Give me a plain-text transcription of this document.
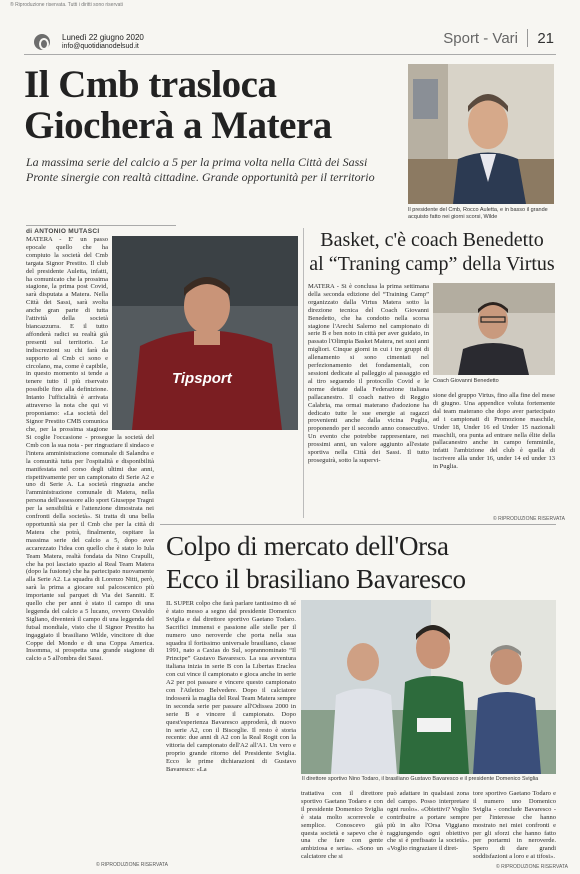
® Riproduzione riservata. Tutti i diritti sono riservati
Lunedì 22 giugno 2020
info@quotidianodelsud.it	Sport - Vari 21
Il Cmb trasloca
Giocherà a Matera
La massima serie del calcio a 5 per la prima volta nella Città dei Sassi
Pronte sinergie con realtà cittadine. Grande opportunità per il territorio
Il presidente del Cmb, Rocco Auletta, e in basso il grande acquisto fatto nei giorni scorsi, Wilde
di ANTONIO MUTASCI
Tipsport
MATERA - E' un passo epocale quello che ha compiuto la società del Cmb targata Signor Prestito. Il club del presidente Auletta, infatti, ha comunicato che la prossima stagione, la prima post Covid, sarà disputata a Matera. Nella Città dei Sassi, sarà svolta anche gran parte di tutta l'attività della società biancazzurra. E il tutto affonderà radici su realtà già presenti sul territorio. Le indiscrezioni su chi farà da supporto al Cmb ci sono e circolano, ma, come è capibile, in questo momento si tende a tenere tutto il più riservato possibile fino alla definizione. Intanto l'ufficialità è arrivata attraverso la nota che qui vi proponiamo: «La società del Signor Prestito CMB comunica che, per la prossima stagione
Si coglie l'occasione - prosegue la società del Cmb con la sua nota - per ringraziare il sindaco e l'intera amministrazione comunale di Salandra e la comunità tutta per l'ospitalità e disponibilità manifestata nel corso degli ultimi due anni, rispettivamente per un campionato di Serie A2 e uno di Serie A. La società ringrazia anche l'amministrazione comunale di Matera, nella persona dell'assessore allo sport Giuseppe Tragni per la sensibilità e l'attenzione dimostrata nei confronti della società». Si tratta di una bella opportunità sia per il Cmb che per la città di Matera che potrà, finalmente, ospitare la massima serie del calcio a 5, dopo aver accarezzato l'idea con quello che è stato lo Iula Team Matera, realtà fondata da Nino Crapulli, che ha poi lasciato spazio al Real Team Matera (dopo la fusione) che ha partecipato nuovamente alla Serie A2. La squadra di Lorenzo Nitti, però, sarà la prima a giocare sul palcoscenico più importante sul parquet di Via dei Sanniti. E quello che per anni è stato il campo di una leggenda del calcio a 5 lucano, ovvero Osvaldo Sigliano, diventerà il campo di una leggenda del futsal mondiale, visto che il Signor Prestito ha ingaggiato il brasiliano Wilde, vincitore di due Coppe del Mondo e di una Coppa America. Insomma, si prospetta una grande stagione di calcio a 5 all'ombra dei Sassi.
© RIPRODUZIONE RISERVATA
Basket, c'è coach Benedetto
al “Traning camp” della Virtus
MATERA - Si è conclusa la prima settimana della seconda edizione del “Training Camp” organizzato dalla Virtus Matera sotto la direzione tecnica del Coach Giovanni Benedetto, che ha condotto nella scorsa stagione l'Arechi Salerno nel campionato di serie B e ben noto in città per aver guidato, in passato l'Olimpia Basket Matera, nei suoi anni migliori. Cinque giorni in cui i tre gruppi di allenamento si sono cimentati nel perfezionamento dei fondamentali, con sessioni dedicate al palleggio al passaggio ed al tiro seguendo il protocollo Covid e le norme dettate dalla Federazione italiana pallacanestro. Il coach nativo di Reggio Calabria, ma ormai materano d'adozione ha dedicato tutte le sue energie ai ragazzi provenienti anche dalla vicina Puglia, proponendo per il secondo anno consecutivo. Un evento che potrebbe rappresentare, nei prossimi anni, un valore aggiunto all'estate sportiva nella Città dei Sassi. Il tutto proseguirà, sotto la supervi-
Coach Giovanni Benedetto
sione del gruppo Virtus, fino alla fine del mese di giugno. Una appendice voluta fortemente dal team materano che dopo aver partecipato ad i campionati di Promozione maschile, Under 18, Under 16 ed Under 15 nazionali maschili, ora punta ad entrare nella élite della pallacanestro anche in campo femminile, infatti l'ambizione del club è quella di iscrivere alla under 16, under 14 ed under 13 in Puglia.
© RIPRODUZIONE RISERVATA
Colpo di mercato dell'Orsa
Ecco il brasiliano Bavaresco
IL SUPER colpo che farà parlare tantissimo di sé è stato messo a segno dal presidente Domenico Sviglia e dal direttore sportivo Gaetano Todaro. Sacrifici immensi e passione alle stelle per il numero uno neroverde che porta nella sua squadra il fortissimo universale brasiliano, classe 1991, nato a Caxias do Sul, soprannominato “Il Principe” Gustavo Bavaresco. La sua avventura italiana inizia in serie B con la Libertas Eraclea con cui vince il campionato e gioca anche in serie A2 per poi passare e vincere questo campionato con l'Atletico Belvedere. Dopo il calciatore indosserà la maglia del Real Team Matera sempre in seconda serie per passare all'Odissea 2000 in serie B e vincere il campionato. Dopo quest'esperienza Bavaresco approderà, di nuovo in serie A2, con il Bisceglie. Il resto è storia recente: due anni di A2 con la Real Rogit con la vittoria del campionato dell'A2 all'A1. Un vero e proprio grande ritorno del Presidente Sviglia. Ecco le prime dichiarazioni di Gustavo Bavaresco: «La
Il direttore sportivo Nino Todaro, il brasiliano Gustavo Bavaresco e il presidente Domenico Sviglia
trattativa con il direttore sportivo Gaetano Todaro e con il presidente Domenico Sviglia è stata molto scorrevole e semplice. Conoscevo già questa società e sapevo che è una che fare con gente ambiziosa e seria». «Sono un calciatore che si
può adattare in qualsiasi zona del campo. Posso interpretare ogni ruolo». «Obiettivi? Voglio contribuire a portare sempre più in alto l'Orsa Viggiano raggiungendo ogni obiettivo che si è prefissato la società». «Voglio ringraziare il diret-
tore sportivo Gaetano Todaro e il numero uno Domenico Sviglia - conclude Bavaresco - per l'interesse che hanno mostrato nei miei confronti e per gli sforzi che hanno fatto per portarmi in neroverde. Spero di dare grandi soddisfazioni a loro e ai tifosi».
© RIPRODUZIONE RISERVATA
